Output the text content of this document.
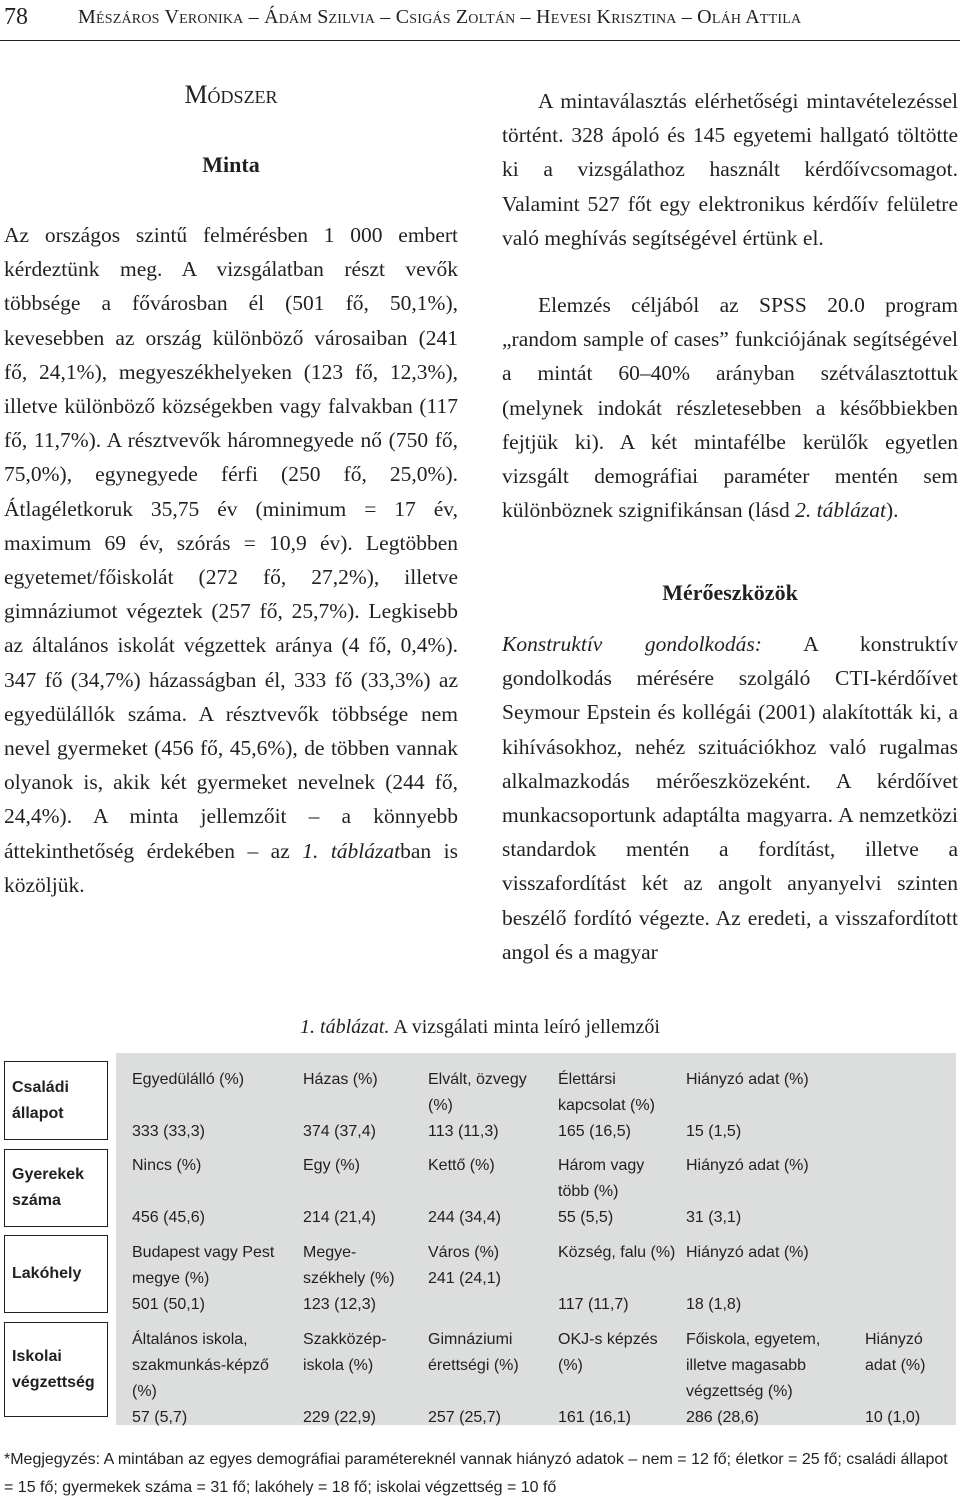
78	Mészáros Veronika – Ádám Szilvia – Csigás Zoltán – Hevesi Krisztina – Oláh Attila
Módszer
Minta
Az országos szintű felmérésben 1 000 embert kérdeztünk meg. A vizsgálatban részt vevők többsége a fővárosban él (501 fő, 50,1%), kevesebben az ország különböző városaiban (241 fő, 24,1%), megyeszékhelyeken (123 fő, 12,3%), illetve különböző községekben vagy falvakban (117 fő, 11,7%). A résztvevők háromnegyede nő (750 fő, 75,0%), egynegyede férfi (250 fő, 25,0%). Átlagéletkoruk 35,75 év (minimum = 17 év, maximum 69 év, szórás = 10,9 év). Legtöbben egyetemet/főiskolát (272 fő, 27,2%), illetve gimnáziumot végeztek (257 fő, 25,7%). Legkisebb az általános iskolát végzettek aránya (4 fő, 0,4%). 347 fő (34,7%) házasságban él, 333 fő (33,3%) az egyedülállók száma. A résztvevők többsége nem nevel gyermeket (456 fő, 45,6%), de többen vannak olyanok is, akik két gyermeket nevelnek (244 fő, 24,4%). A minta jellemzőit – a könnyebb áttekinthetőség érdekében – az 1. táblázatban is közöljük.
A mintaválasztás elérhetőségi mintavételezéssel történt. 328 ápoló és 145 egyetemi hallgató töltötte ki a vizsgálathoz használt kérdőívcsomagot. Valamint 527 főt egy elektronikus kérdőív felületre való meghívás segítségével értünk el.
Elemzés céljából az SPSS 20.0 program „random sample of cases” funkciójának segítségével a mintát 60–40% arányban szétválasztottuk (melynek indokát részletesebben a későbbiekben fejtjük ki). A két mintafélbe kerülők egyetlen vizsgált demográfiai paraméter mentén sem különböznek szignifikánsan (lásd 2. táblázat).
Mérőeszközök
Konstruktív gondolkodás: A konstruktív gondolkodás mérésére szolgáló CTI-kérdőívet Seymour Epstein és kollégái (2001) alakították ki, a kihívásokhoz, nehéz szituációkhoz való rugalmas alkalmazkodás mérőeszközeként. A kérdőívet munkacsoportunk adaptálta magyarra. A nemzetközi standardok mentén a fordítást, illetve a visszafordítást két az angolt anyanyelvi szinten beszélő fordító végezte. Az eredeti, a visszafordított angol és a magyar
1. táblázat. A vizsgálati minta leíró jellemzői
Családi állapot
Gyerekek száma
Lakóhely
Iskolai végzettség
Egyedülálló (%)
333 (33,3)
Házas (%)
374 (37,4)
Elvált, özvegy (%)
113 (11,3)
Élettársi kapcsolat (%)
165 (16,5)
Hiányzó adat (%)
15 (1,5)
Nincs (%)
456 (45,6)
Egy (%)
214 (21,4)
Kettő (%)
244 (34,4)
Három vagy több (%)
55 (5,5)
Hiányzó adat (%)
31 (3,1)
Budapest vagy Pest megye (%)
501 (50,1)
Megye-székhely (%)
123 (12,3)
Város (%)
241 (24,1)
Község, falu (%)
117 (11,7)
Hiányzó adat (%)
18 (1,8)
Általános iskola, szakmunkás-képző (%)
57 (5,7)
Szakközép-iskola (%)
229 (22,9)
Gimnáziumi érettségi (%)
257 (25,7)
OKJ-s képzés (%)
161 (16,1)
Főiskola, egyetem, illetve magasabb végzettség (%)
286 (28,6)
Hiányzó adat (%)
10 (1,0)
*Megjegyzés: A mintában az egyes demográfiai paramétereknél vannak hiányzó adatok – nem = 12 fő; életkor = 25 fő; családi állapot = 15 fő; gyermekek száma = 31 fő; lakóhely = 18 fő; iskolai végzettség = 10 fő
